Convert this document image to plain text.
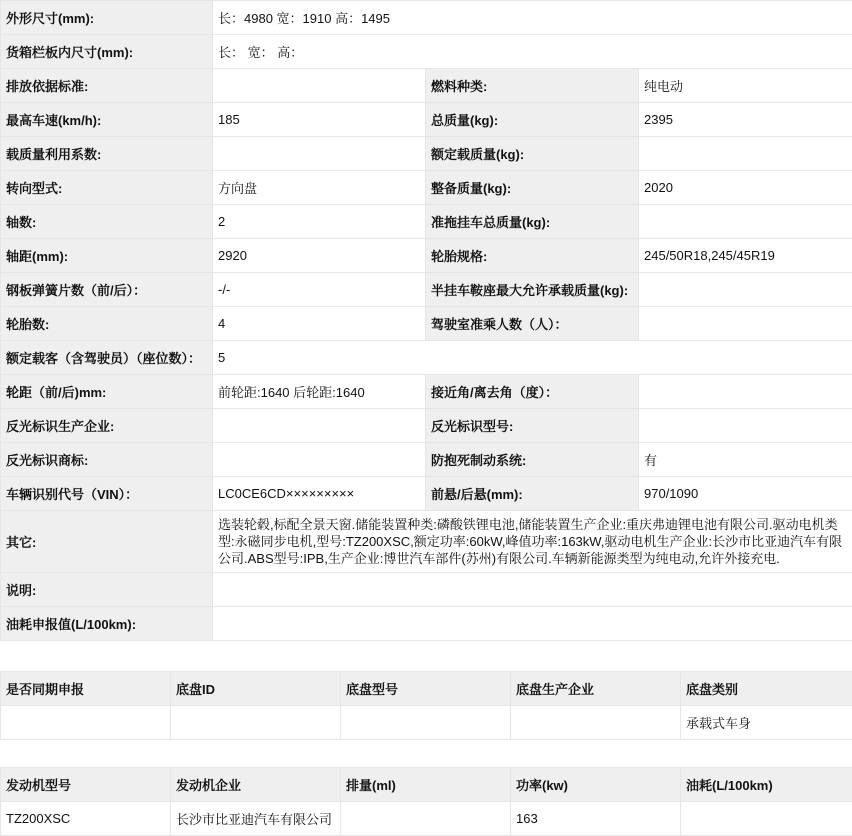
外形尺寸(mm):	长：4980 宽：1910 高：1495		
货箱栏板内尺寸(mm):	长： 宽： 高：		
排放依据标准:		燃料种类:	纯电动
最高车速(km/h):	185	总质量(kg):	2395
载质量利用系数:		额定载质量(kg):	
转向型式:	方向盘	整备质量(kg):	2020
轴数:	2	准拖挂车总质量(kg):	
轴距(mm):	2920	轮胎规格:	245/50R18,245/45R19
钢板弹簧片数（前/后）：	-/-	半挂车鞍座最大允许承载质量(kg):	
轮胎数:	4	驾驶室准乘人数（人）：	
额定载客（含驾驶员）（座位数）：	5		
轮距（前/后)mm:	前轮距:1640 后轮距:1640	接近角/离去角（度）：	
反光标识生产企业:		反光标识型号:	
反光标识商标:		防抱死制动系统:	有
车辆识别代号（VIN）：	LC0CE6CD×××××××××	前悬/后悬(mm):	970/1090
其它:	选装轮毂,标配全景天窗.储能装置种类:磷酸铁锂电池,储能装置生产企业:重庆弗迪锂电池有限公司.驱动电机类型:永磁同步电机,型号:TZ200XSC,额定功率:60kW,峰值功率:163kW,驱动电机生产企业:长沙市比亚迪汽车有限公司.ABS型号:IPB,生产企业:博世汽车部件(苏州)有限公司.车辆新能源类型为纯电动,允许外接充电.		
说明:			
油耗申报值(L/100km):			
是否同期申报	底盘ID	底盘型号	底盘生产企业	底盘类别
				承载式车身
发动机型号	发动机企业	排量(ml)	功率(kw)	油耗(L/100km)
TZ200XSC	长沙市比亚迪汽车有限公司		163	
